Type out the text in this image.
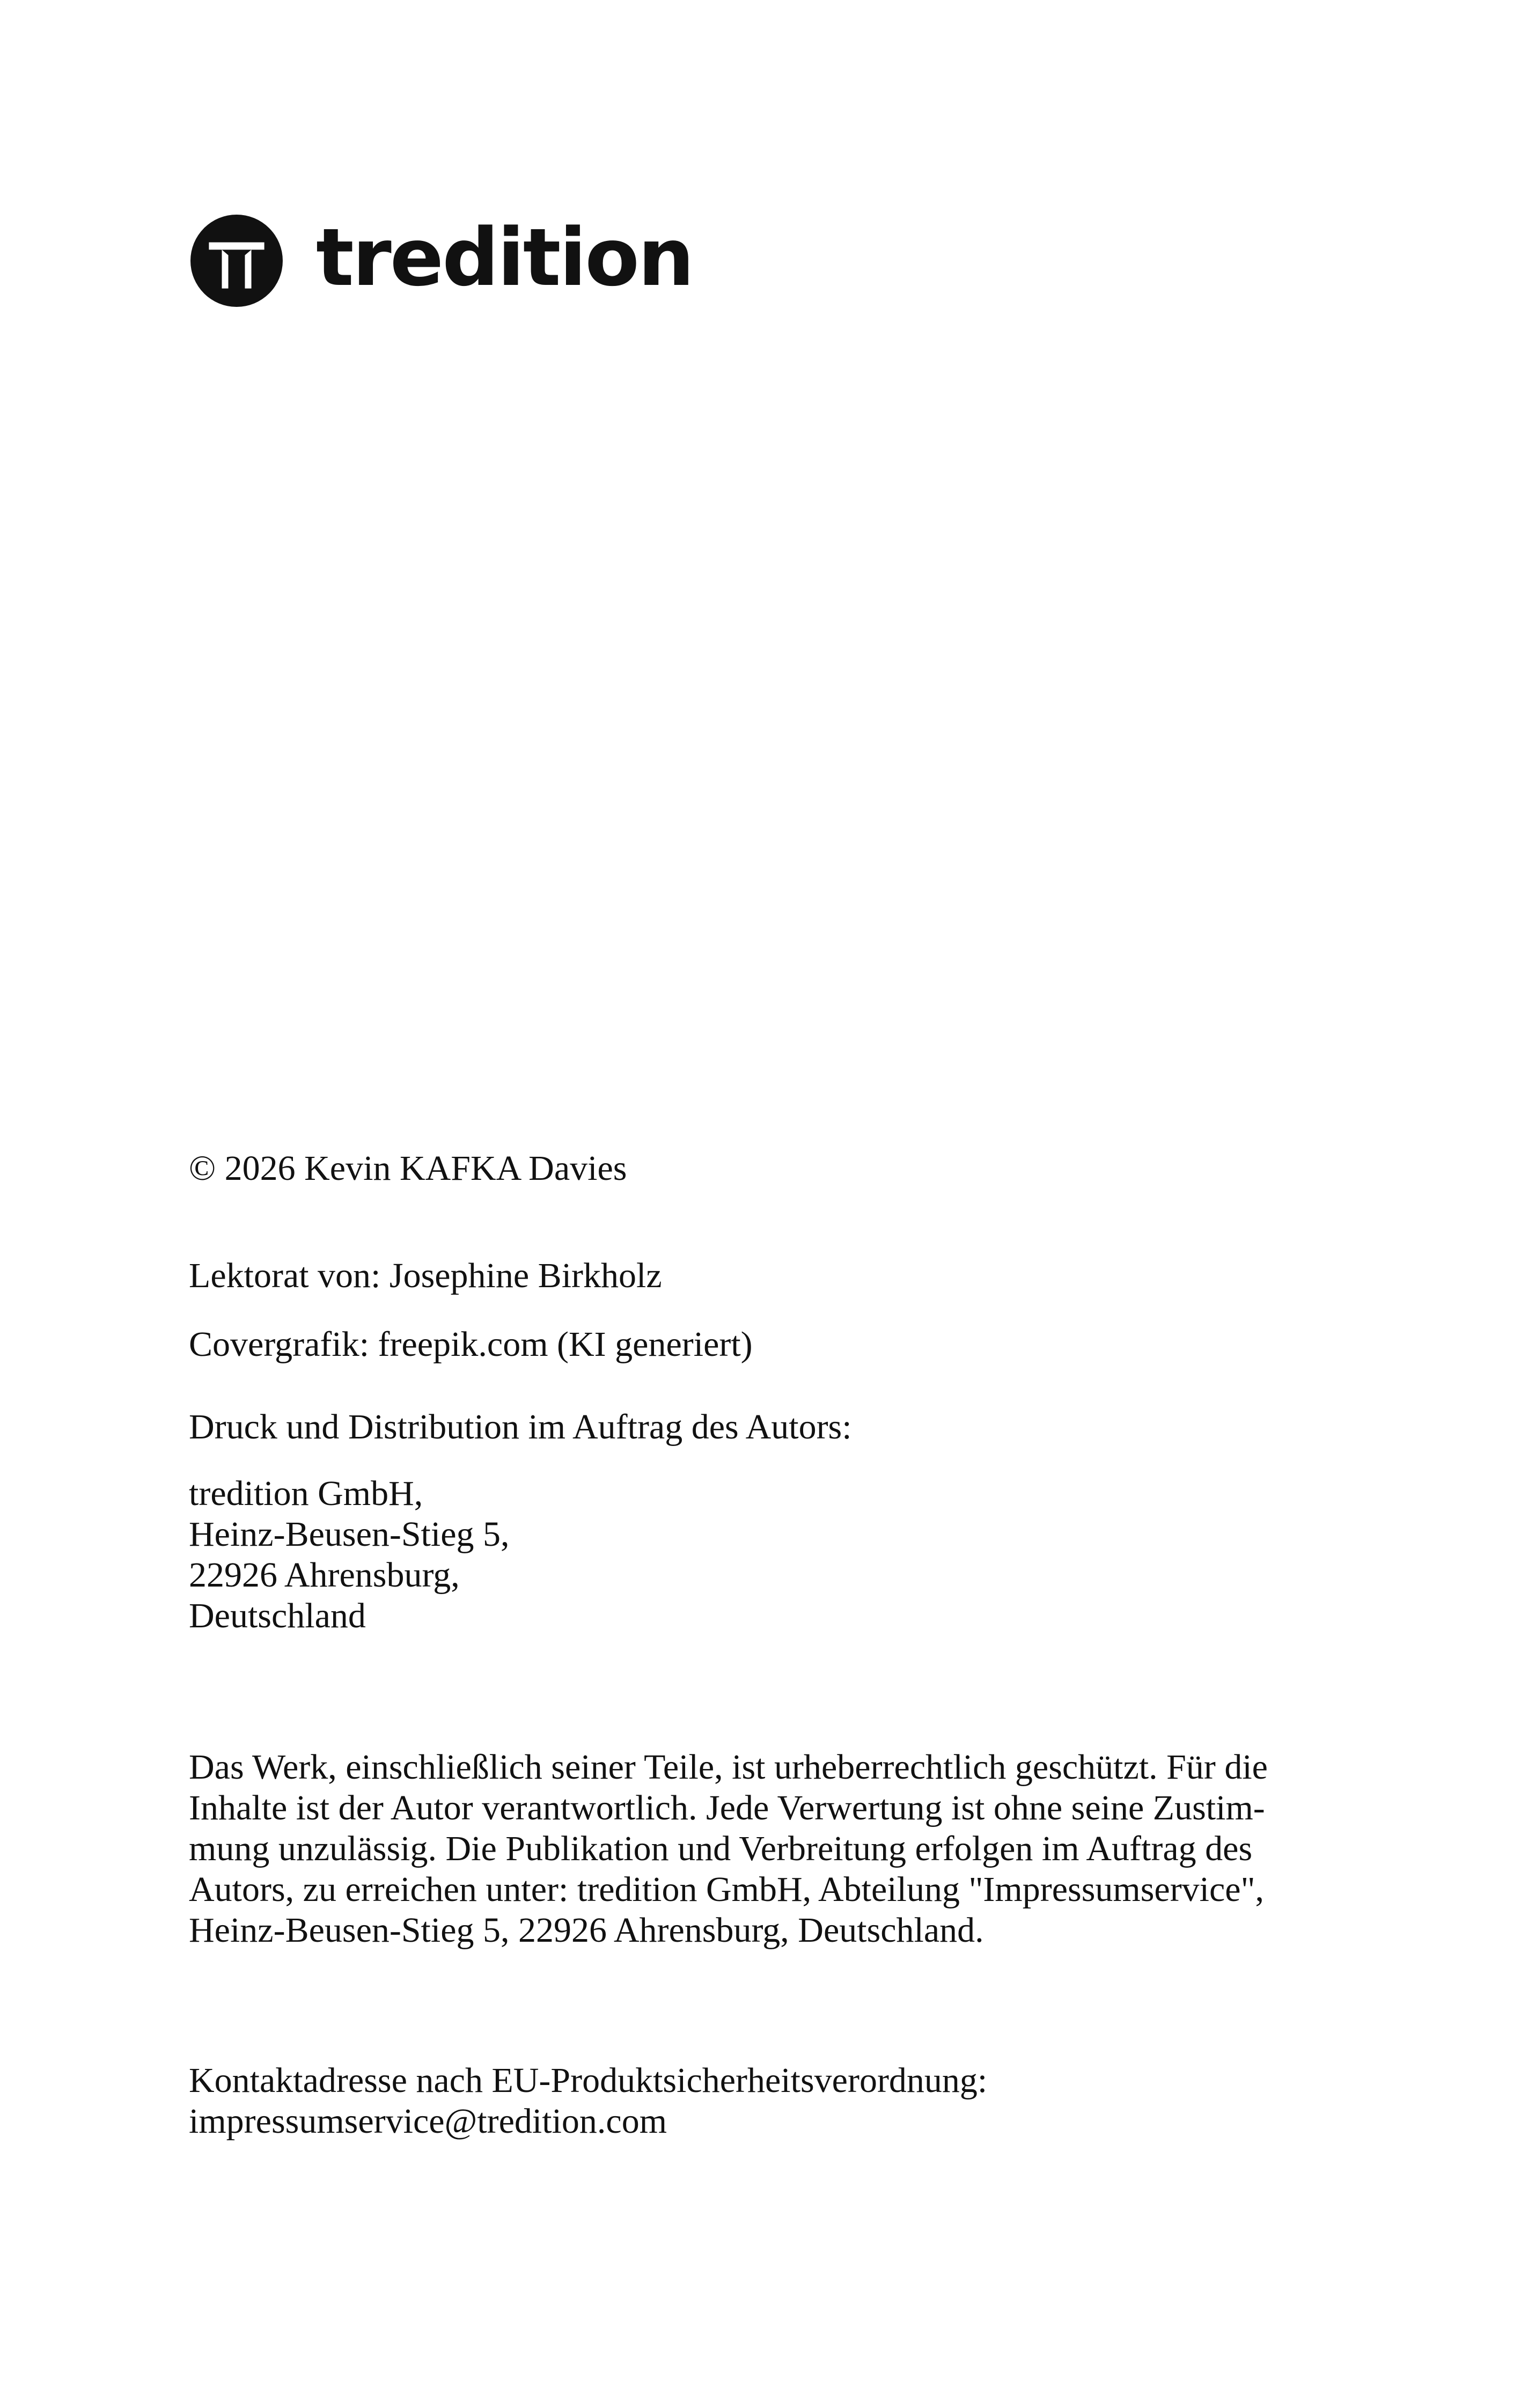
tredition

© 2026 Kevin KAFKA Davies

Lektorat von: Josephine Birkholz

Covergrafik: freepik.com (KI generiert)

Druck und Distribution im Auftrag des Autors:

tredition GmbH,
Heinz-Beusen-Stieg 5,
22926 Ahrensburg,
Deutschland

Das Werk, einschließlich seiner Teile, ist urheberrechtlich geschützt. Für die
Inhalte ist der Autor verantwortlich. Jede Verwertung ist ohne seine Zustim-
mung unzulässig. Die Publikation und Verbreitung erfolgen im Auftrag des
Autors, zu erreichen unter: tredition GmbH, Abteilung "Impressumservice",
Heinz-Beusen-Stieg 5, 22926 Ahrensburg, Deutschland.

Kontaktadresse nach EU-Produktsicherheitsverordnung:
impressumservice@tredition.com
